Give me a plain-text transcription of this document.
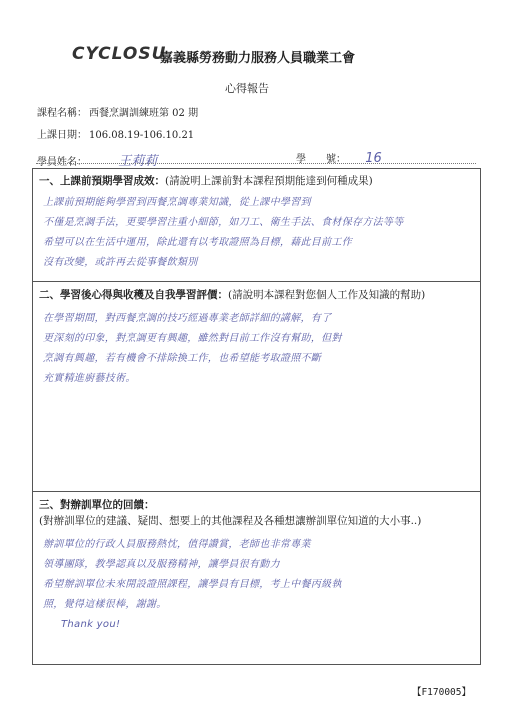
CYCLOSU
嘉義縣勞務動力服務人員職業工會
心得報告
課程名稱： 西餐烹調訓練班第 02 期
上課日期： 106.08.19-106.10.21
學員姓名： 王莉莉	學　　號： 16
一、上課前預期學習成效：(請說明上課前對本課程預期能達到何種成果)
上課前預期能夠學習到西餐烹調專業知識，從上課中學習到
不僅是烹調手法，更要學習注重小細節，如刀工、衛生手法、食材保存方法等等
希望可以在生活中運用，除此還有以考取證照為目標，藉此目前工作
沒有改變，或許再去從事餐飲類別
二、學習後心得與收穫及自我學習評價：(請說明本課程對您個人工作及知識的幫助)
在學習期間，對西餐烹調的技巧經過專業老師詳細的講解，有了
更深刻的印象，對烹調更有興趣，雖然對目前工作沒有幫助，但對
烹調有興趣，若有機會不排除換工作，也希望能考取證照不斷
充實精進廚藝技術。
三、對辦訓單位的回饋：
(對辦訓單位的建議、疑問、想要上的其他課程及各種想讓辦訓單位知道的大小事..)
辦訓單位的行政人員服務熱忱，值得讚賞，老師也非常專業
領導團隊，教學認真以及服務精神，讓學員很有動力
希望辦訓單位未來開設證照課程，讓學員有目標，考上中餐丙級執
照，覺得這樣很棒，謝謝。
Thank you!
【F170005】
